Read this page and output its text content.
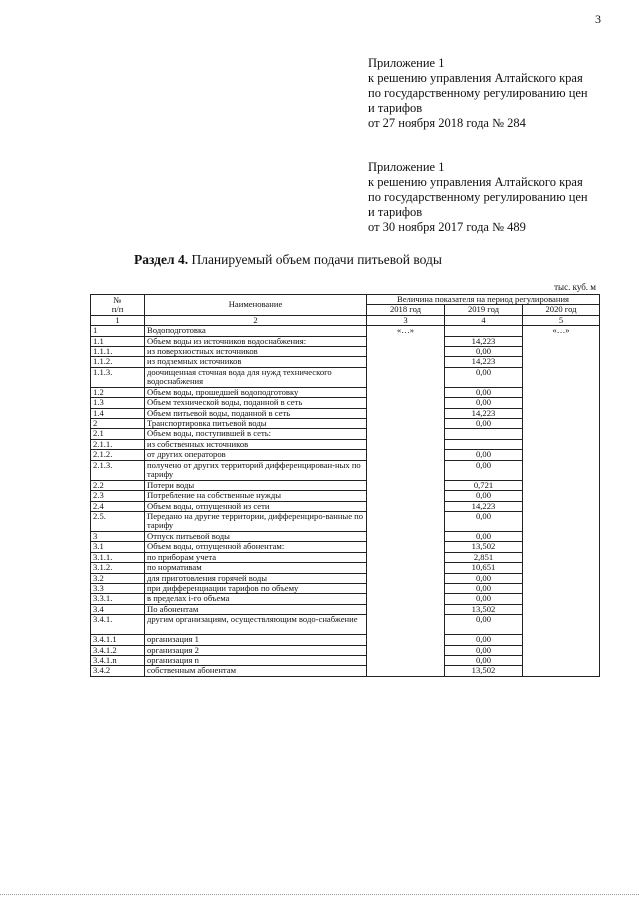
3
Приложение 1
к решению управления Алтайского края
по государственному регулированию цен
и тарифов
от 27 ноября 2018 года № 284
Приложение 1
к решению управления Алтайского края
по государственному регулированию цен
и тарифов
от 30 ноября 2017 года № 489
Раздел 4. Планируемый объем подачи питьевой воды
тыс. куб. м
№
п/п	Наименование	Величина показателя на период регулирования		
		2018 год	2019 год	2020 год
1	2	3	4	5
1	Водоподготовка	«…»		«…»
1.1	Объем воды из источников водоснабжения:		14,223	
1.1.1.	из поверхностных источников		0,00	
1.1.2.	из подземных источников		14,223	
1.1.3.	доочищенная сточная вода для нужд технического водоснабжения		0,00	
1.2	Объем воды, прошедшей водоподготовку		0,00	
1.3	Объем технической воды, поданной в сеть		0,00	
1.4	Объем питьевой воды, поданной в сеть		14,223	
2	Транспортировка питьевой воды		0,00	
2.1	Объем воды, поступившей в сеть:			
2.1.1.	из собственных источников			
2.1.2.	от других операторов		0,00	
2.1.3.	получено от других территорий дифференцирован-ных по тарифу		0,00	
2.2	Потери воды		0,721	
2.3	Потребление на собственные нужды		0,00	
2.4	Объем воды, отпущенной из сети		14,223	
2.5.	Передано на другие территории, дифференциро-ванные по тарифу		0,00	
3	Отпуск питьевой воды		0,00	
3.1	Объем воды, отпущенной абонентам:		13,502	
3.1.1.	по приборам учета		2,851	
3.1.2.	по нормативам		10,651	
3.2	для приготовления горячей воды		0,00	
3.3	при дифференциации тарифов по объему		0,00	
3.3.1.	в пределах i-го объема		0,00	
3.4	По абонентам		13,502	
3.4.1.	другим организациям, осуществляющим водо-снабжение		0,00	
3.4.1.1	организация 1		0,00	
3.4.1.2	организация 2		0,00	
3.4.1.n	организация n		0,00	
3.4.2	собственным абонентам		13,502	
